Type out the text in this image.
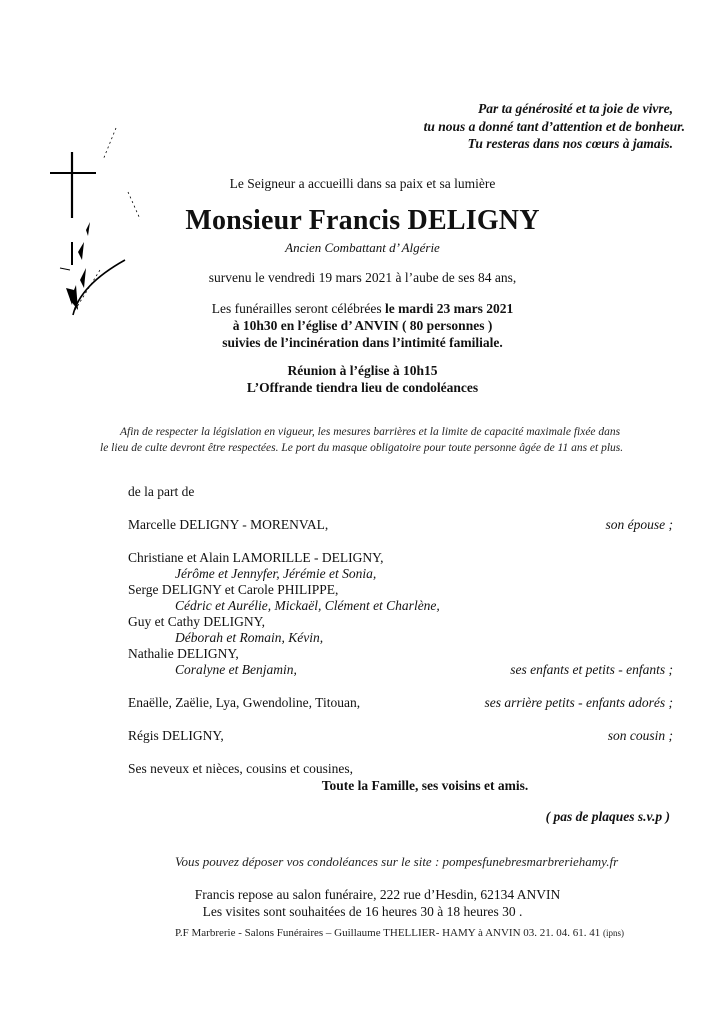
Par ta générosité et ta joie de vivre,
tu nous a donné tant d’attention et de bonheur.
Tu resteras dans nos cœurs à jamais.
Le Seigneur a accueilli dans sa paix et sa lumière
Monsieur Francis DELIGNY
Ancien Combattant d’ Algérie
survenu le vendredi 19 mars 2021 à l’aube de ses 84 ans,
Les funérailles seront célébrées le mardi 23 mars 2021
à 10h30 en l’église d’ ANVIN ( 80 personnes )
suivies de l’incinération dans l’intimité familiale.
Réunion à l’église à 10h15
L’Offrande tiendra lieu de condoléances
Afin de respecter la législation en vigueur, les mesures barrières et la limite de capacité maximale fixée dans
le lieu de culte devront être respectées. Le port du masque obligatoire pour toute personne âgée de 11 ans et plus.
de la part de
Marcelle DELIGNY - MORENVAL,	son épouse ;
Christiane et Alain LAMORILLE - DELIGNY,
Jérôme et Jennyfer, Jérémie et Sonia,
Serge DELIGNY et Carole PHILIPPE,
Cédric et Aurélie, Mickaël, Clément et Charlène,
Guy et Cathy DELIGNY,
Déborah et Romain, Kévin,
Nathalie DELIGNY,
Coralyne et Benjamin,	ses enfants et petits - enfants ;
Enaëlle, Zaëlie, Lya, Gwendoline, Titouan,	ses arrière petits - enfants adorés ;
Régis DELIGNY,	son cousin ;
Ses neveux et nièces, cousins et cousines,
Toute la Famille, ses voisins et amis.
( pas de plaques s.v.p )
Vous pouvez déposer vos condoléances sur le site : pompesfunebresmarbreriehamy.fr
Francis repose au salon funéraire, 222 rue d’Hesdin, 62134 ANVIN
Les visites sont souhaitées de 16 heures 30 à 18 heures 30 .
P.F Marbrerie - Salons Funéraires – Guillaume THELLIER- HAMY à ANVIN 03. 21. 04. 61. 41 (ipns)
